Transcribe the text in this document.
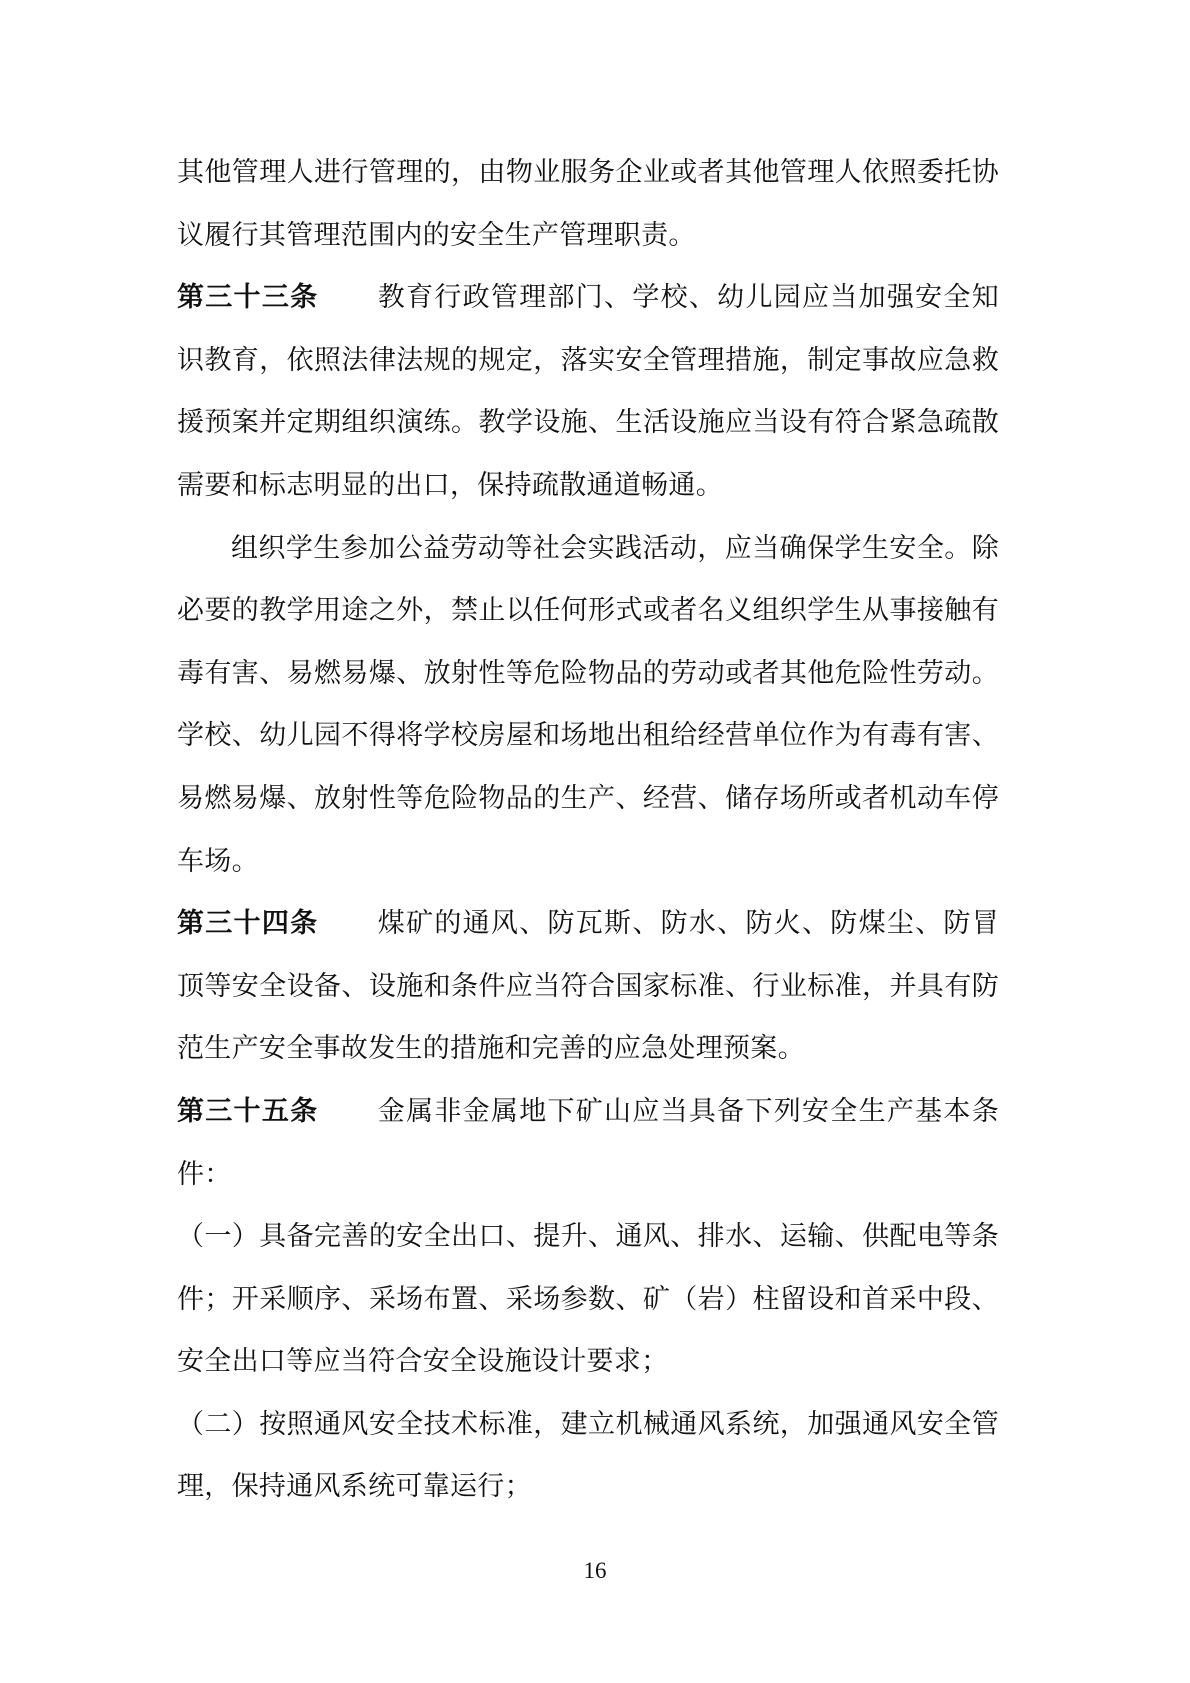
其他管理人进行管理的，由物业服务企业或者其他管理人依照委托协议履行其管理范围内的安全生产管理职责。

第三十三条 教育行政管理部门、学校、幼儿园应当加强安全知识教育，依照法律法规的规定，落实安全管理措施，制定事故应急救援预案并定期组织演练。教学设施、生活设施应当设有符合紧急疏散需要和标志明显的出口，保持疏散通道畅通。

组织学生参加公益劳动等社会实践活动，应当确保学生安全。除必要的教学用途之外，禁止以任何形式或者名义组织学生从事接触有毒有害、易燃易爆、放射性等危险物品的劳动或者其他危险性劳动。学校、幼儿园不得将学校房屋和场地出租给经营单位作为有毒有害、易燃易爆、放射性等危险物品的生产、经营、储存场所或者机动车停车场。

第三十四条 煤矿的通风、防瓦斯、防水、防火、防煤尘、防冒顶等安全设备、设施和条件应当符合国家标准、行业标准，并具有防范生产安全事故发生的措施和完善的应急处理预案。

第三十五条 金属非金属地下矿山应当具备下列安全生产基本条件：

（一）具备完善的安全出口、提升、通风、排水、运输、供配电等条件；开采顺序、采场布置、采场参数、矿（岩）柱留设和首采中段、安全出口等应当符合安全设施设计要求；

（二）按照通风安全技术标准，建立机械通风系统，加强通风安全管理，保持通风系统可靠运行；

16
